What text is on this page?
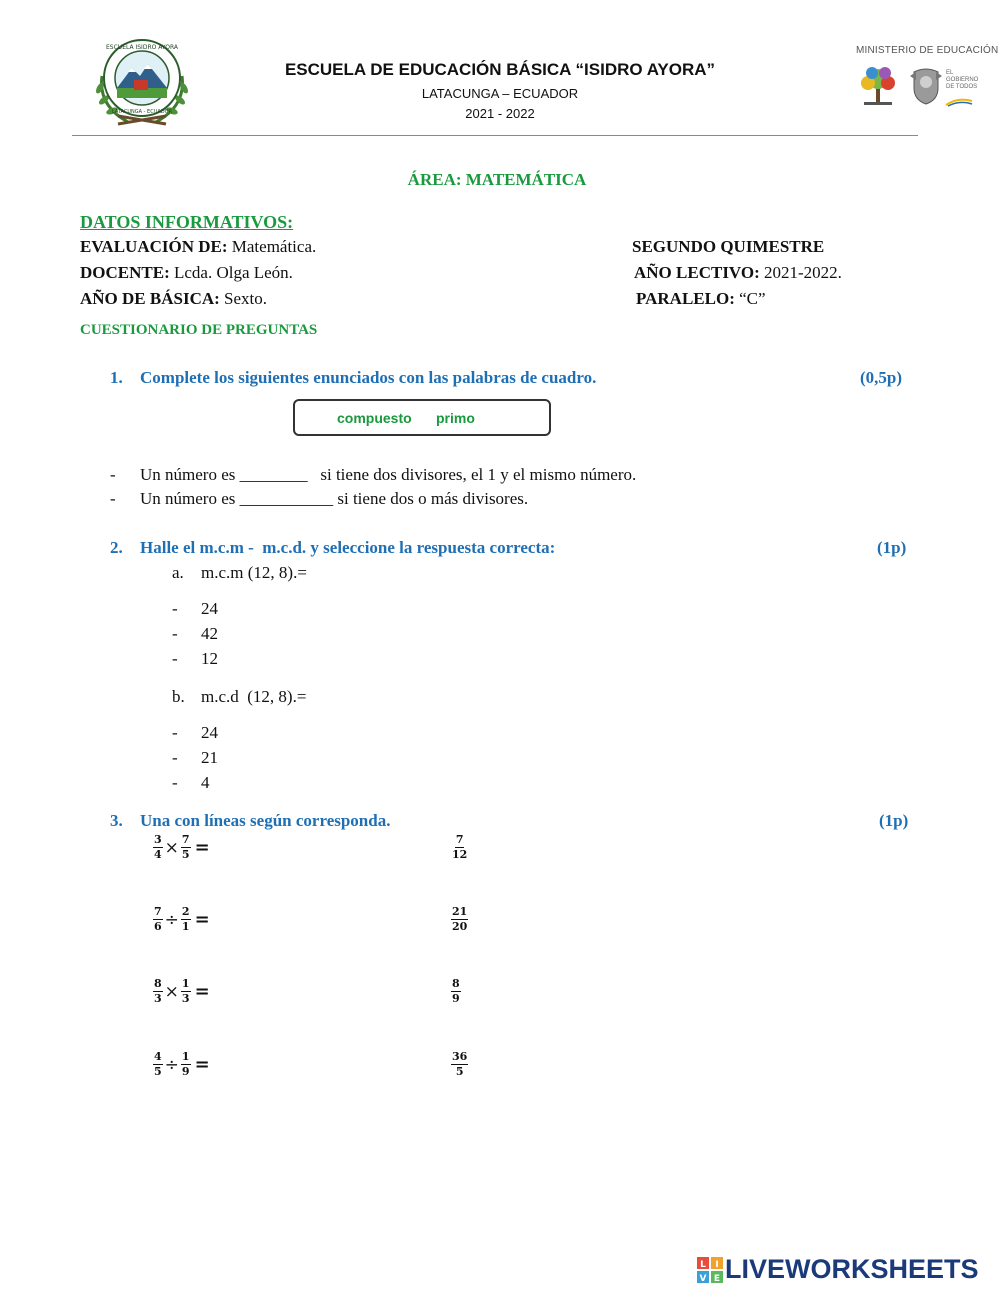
ESCUELA ISIDRO AYORA
LATACUNGA - ECUADOR
ESCUELA DE EDUCACIÓN BÁSICA “ISIDRO AYORA”
LATACUNGA – ECUADOR
2021 - 2022
MINISTERIO DE EDUCACIÓN
EL
GOBIERNO
DE TODOS
ÁREA: MATEMÁTICA
DATOS INFORMATIVOS:
EVALUACIÓN DE: Matemática.	SEGUNDO QUIMESTRE
DOCENTE: Lcda. Olga León.	AÑO LECTIVO: 2021-2022.
AÑO DE BÁSICA: Sexto.	PARALELO: “C”
CUESTIONARIO DE PREGUNTAS
1. Complete los siguientes enunciados con las palabras de cuadro.	(0,5p)
compuesto primo
- Un número es ________   si tiene dos divisores, el 1 y el mismo número.
- Un número es ___________ si tiene dos o más divisores.
2. Halle el m.c.m -  m.c.d. y seleccione la respuesta correcta:	(1p)
a. m.c.m (12, 8).=
- 24
- 42
- 12
b. m.c.d  (12, 8).=
- 24
- 21
- 4
3. Una con líneas según corresponda.	(1p)
$\frac{3}{4} \times \frac{7}{5}$ =
$\frac{7}{6} \div \frac{2}{1}$ =
$\frac{8}{3} \times \frac{1}{3}$ =
$\frac{4}{5} \div \frac{1}{9}$ =
$\frac{7}{12}$
$\frac{21}{20}$
$\frac{8}{9}$
$\frac{36}{5}$
L I
V E LIVEWORKSHEETS
